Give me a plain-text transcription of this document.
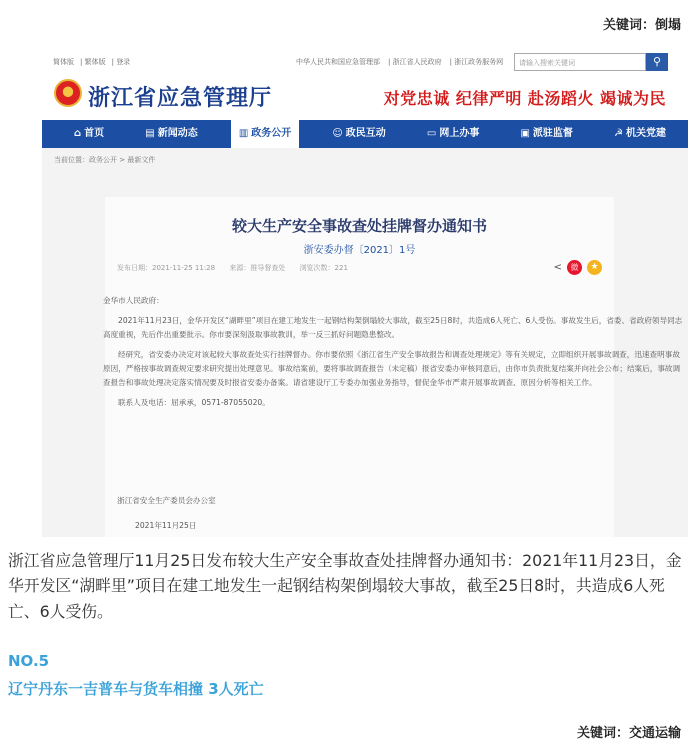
关键词：倒塌
简体版 | 繁体版 | 登录	中华人民共和国应急管理部 | 浙江省人民政府 | 浙江政务服务网	请输入搜索关键词	⚲
浙江省应急管理厅	对党忠诚 纪律严明 赴汤蹈火 竭诚为民
⌂ 首页	▤ 新闻动态	▥ 政务公开	☺ 政民互动	▭ 网上办事	▣ 派驻监督	☭ 机关党建
当前位置：政务公开 > 最新文件
较大生产安全事故查处挂牌督办通知书
浙安委办督〔2021〕1号
发布日期：2021-11-25 11:28 来源：推导督查处 浏览次数：221	<	微	★

金华市人民政府：

2021年11月23日，金华开发区“湖畔里”项目在建工地发生一起钢结构架倒塌较大事故，截至25日8时，共造成6人死亡、6人受伤。事故发生后，省委、省政府领导同志高度重视，先后作出重要批示。你市要深刻汲取事故教训，举一反三抓好问题隐患整改。

经研究，省安委办决定对该起较大事故查处实行挂牌督办。你市要依照《浙江省生产安全事故报告和调查处理规定》等有关规定，立即组织开展事故调查，迅速查明事故原因，严格按事故调查规定要求研究提出处理意见。事故结案前，要将事故调查报告（未定稿）报省安委办审核同意后，由你市负责批复结案并向社会公布；结案后，事故调查报告和事故处理决定落实情况要及时报省安委办备案。请省建设厅工专委办加强业务指导，督促金华市严肃开展事故调查、原因分析等相关工作。

联系人及电话：屈承承，0571-87055020。

浙江省安全生产委员会办公室
2021年11月25日
浙江省应急管理厅11月25日发布较大生产安全事故查处挂牌督办通知书：2021年11月23日，金华开发区“湖畔里”项目在建工地发生一起钢结构架倒塌较大事故，截至25日8时，共造成6人死亡、6人受伤。
NO.5
辽宁丹东一吉普车与货车相撞 3人死亡
关键词：交通运输
